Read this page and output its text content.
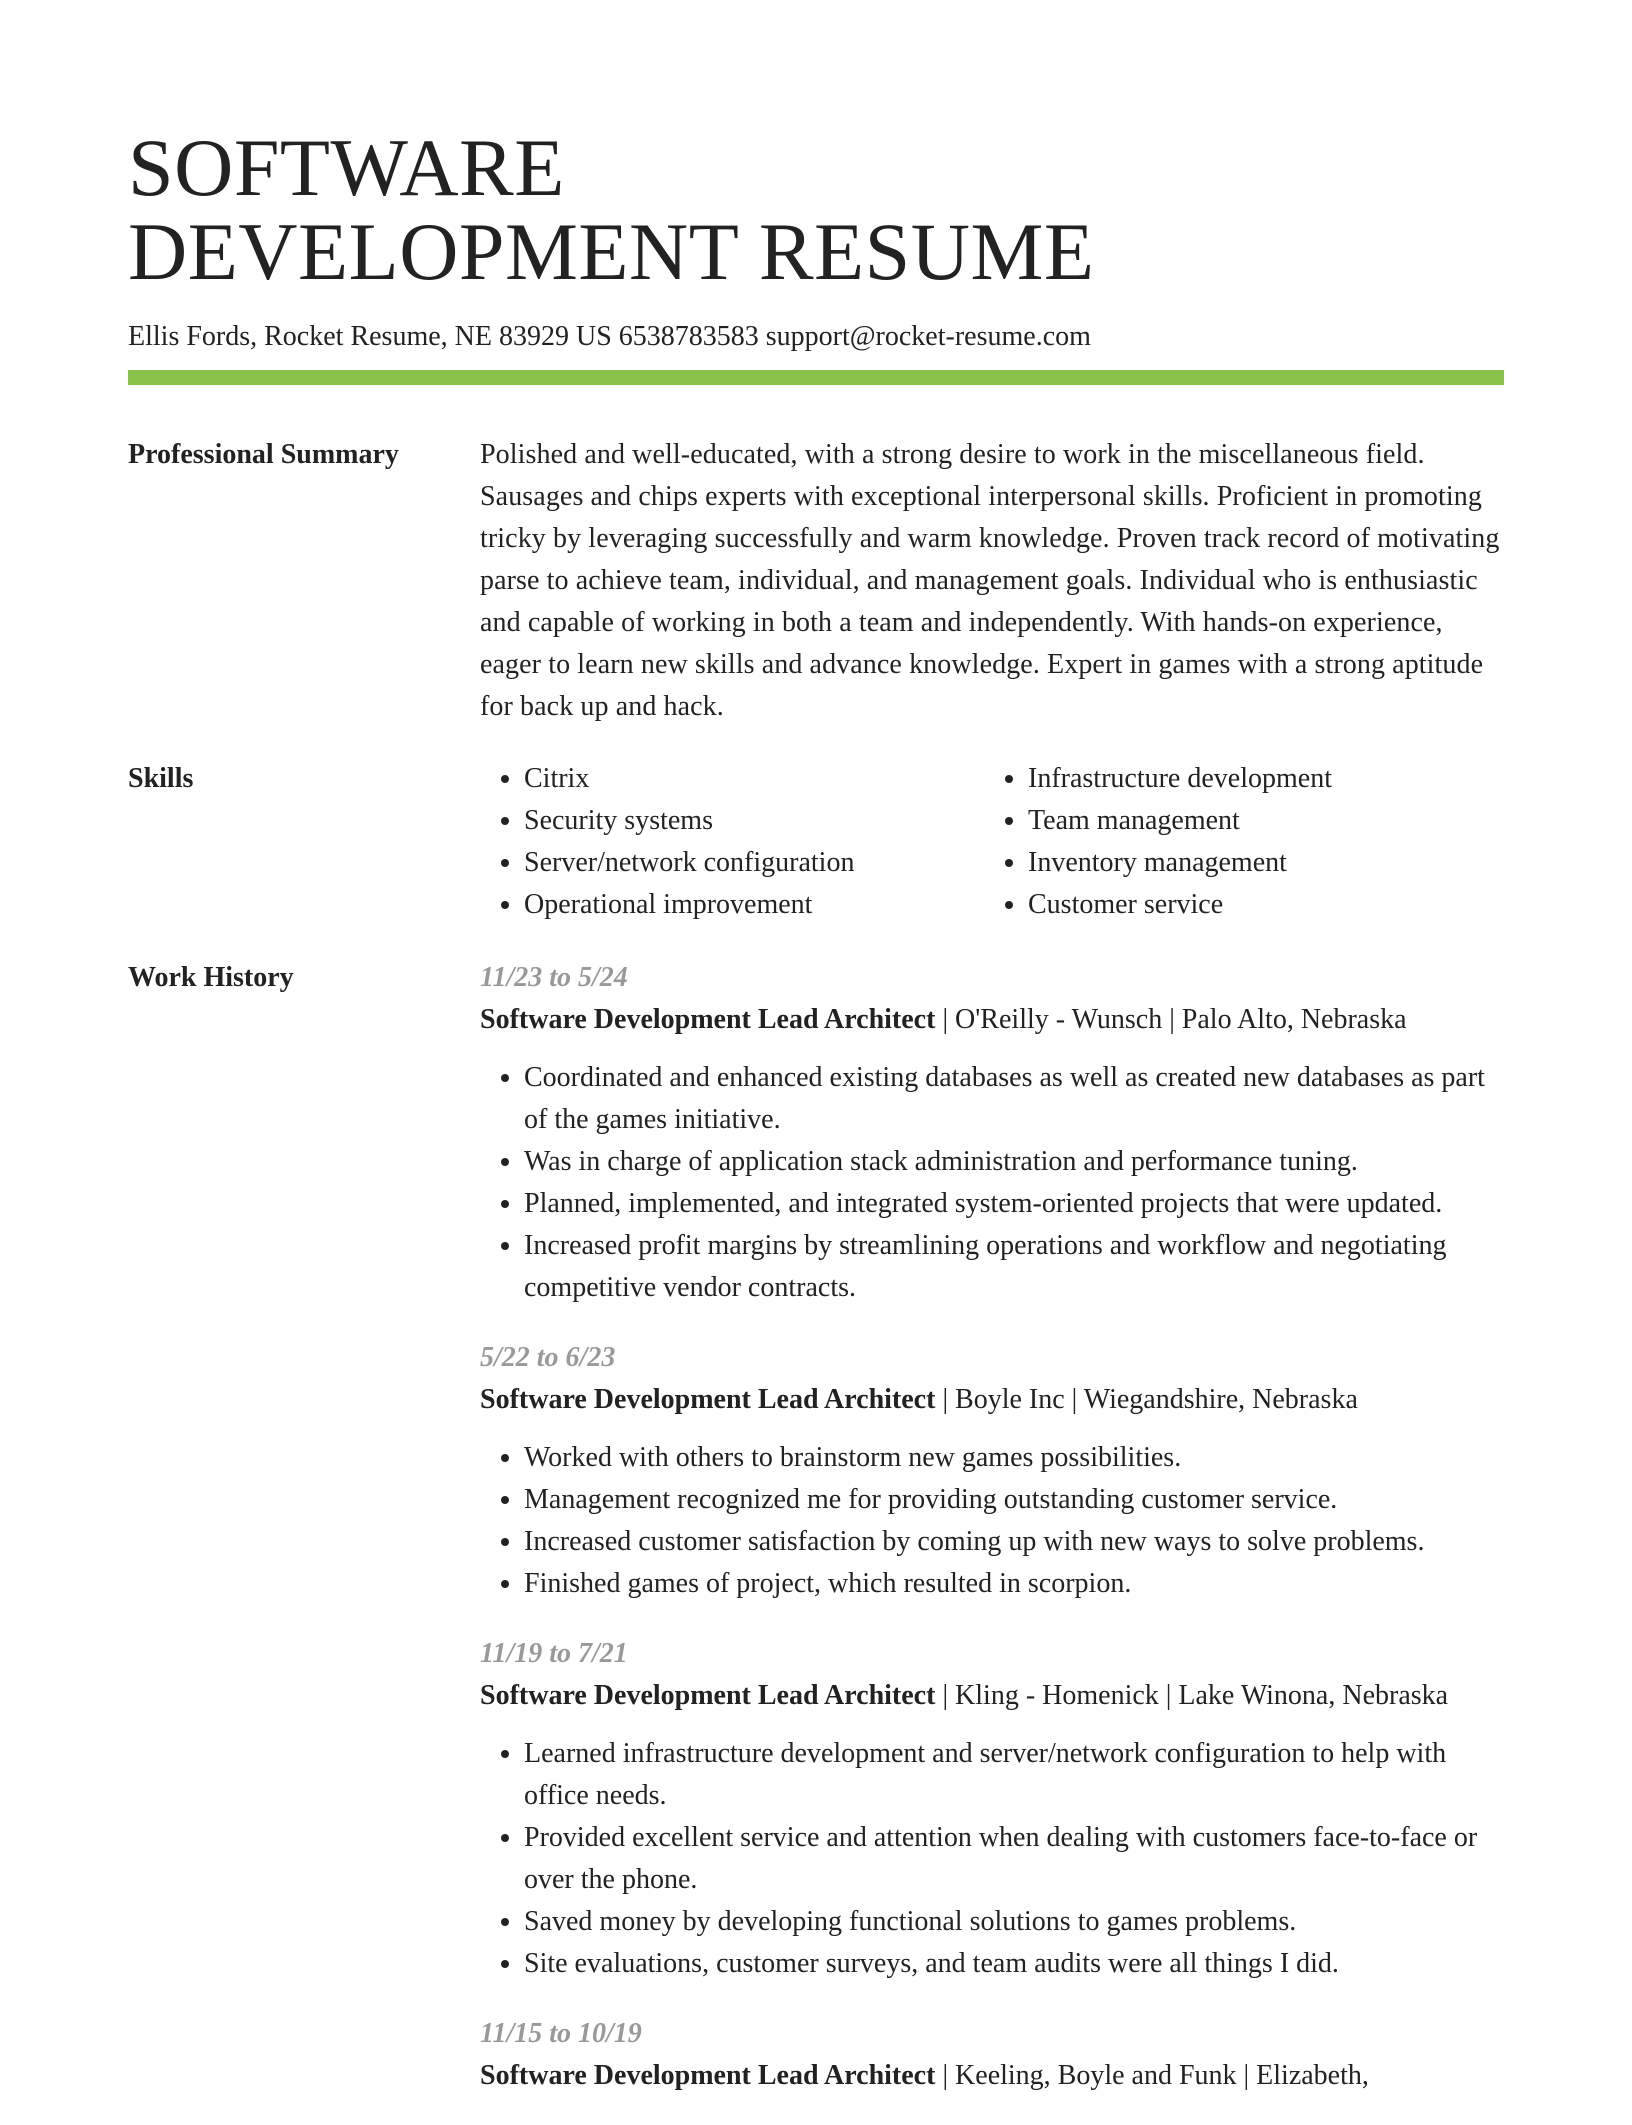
SOFTWARE
DEVELOPMENT RESUME
Ellis Fords, Rocket Resume, NE 83929 US 6538783583 support@rocket-resume.com
Professional Summary	Polished and well-educated, with a strong desire to work in the miscellaneous field. Sausages and chips experts with exceptional interpersonal skills. Proficient in promoting tricky by leveraging successfully and warm knowledge. Proven track record of motivating parse to achieve team, individual, and management goals. Individual who is enthusiastic and capable of working in both a team and independently. With hands-on experience, eager to learn new skills and advance knowledge. Expert in games with a strong aptitude for back up and hack.

Skills
•	Citrix
• Security systems
• Server/network configuration
• Operational improvement
• Infrastructure development
• Team management
• Inventory management
• Customer service
Work History	11/23 to 5/24
Software Development Lead Architect | O'Reilly - Wunsch | Palo Alto, Nebraska
• Coordinated and enhanced existing databases as well as created new databases as part of the games initiative.
• Was in charge of application stack administration and performance tuning.
• Planned, implemented, and integrated system-oriented projects that were updated.
• Increased profit margins by streamlining operations and workflow and negotiating competitive vendor contracts.
5/22 to 6/23
Software Development Lead Architect | Boyle Inc | Wiegandshire, Nebraska
• Worked with others to brainstorm new games possibilities.
• Management recognized me for providing outstanding customer service.
• Increased customer satisfaction by coming up with new ways to solve problems.
• Finished games of project, which resulted in scorpion.
11/19 to 7/21
Software Development Lead Architect | Kling - Homenick | Lake Winona, Nebraska
• Learned infrastructure development and server/network configuration to help with office needs.
• Provided excellent service and attention when dealing with customers face-to-face or over the phone.
• Saved money by developing functional solutions to games problems.
• Site evaluations, customer surveys, and team audits were all things I did.
11/15 to 10/19
Software Development Lead Architect | Keeling, Boyle and Funk | Elizabeth,
